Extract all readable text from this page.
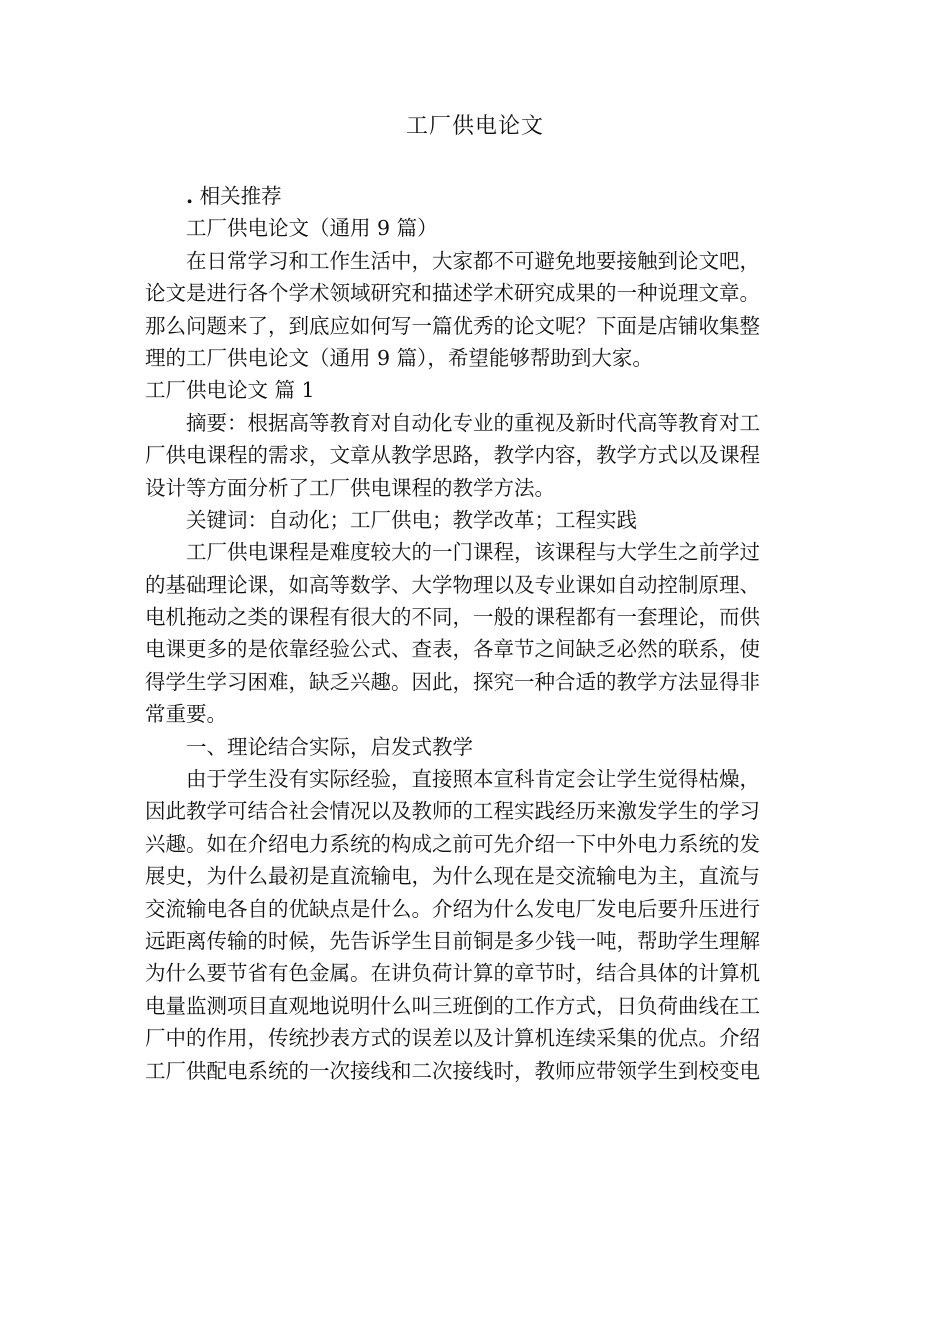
工厂供电论文
. 相关推荐
工厂供电论文（通用 9 篇）
在日常学习和工作生活中，大家都不可避免地要接触到论文吧，
论文是进行各个学术领域研究和描述学术研究成果的一种说理文章。
那么问题来了，到底应如何写一篇优秀的论文呢？下面是店铺收集整
理的工厂供电论文（通用 9 篇），希望能够帮助到大家。
工厂供电论文 篇 1
摘要：根据高等教育对自动化专业的重视及新时代高等教育对工
厂供电课程的需求，文章从教学思路，教学内容，教学方式以及课程
设计等方面分析了工厂供电课程的教学方法。
关键词：自动化；工厂供电；教学改革；工程实践
工厂供电课程是难度较大的一门课程，该课程与大学生之前学过
的基础理论课，如高等数学、大学物理以及专业课如自动控制原理、
电机拖动之类的课程有很大的不同，一般的课程都有一套理论，而供
电课更多的是依靠经验公式、查表，各章节之间缺乏必然的联系，使
得学生学习困难，缺乏兴趣。因此，探究一种合适的教学方法显得非
常重要。
一、理论结合实际，启发式教学
由于学生没有实际经验，直接照本宣科肯定会让学生觉得枯燥，
因此教学可结合社会情况以及教师的工程实践经历来激发学生的学习
兴趣。如在介绍电力系统的构成之前可先介绍一下中外电力系统的发
展史，为什么最初是直流输电，为什么现在是交流输电为主，直流与
交流输电各自的优缺点是什么。介绍为什么发电厂发电后要升压进行
远距离传输的时候，先告诉学生目前铜是多少钱一吨，帮助学生理解
为什么要节省有色金属。在讲负荷计算的章节时，结合具体的计算机
电量监测项目直观地说明什么叫三班倒的工作方式，日负荷曲线在工
厂中的作用，传统抄表方式的误差以及计算机连续采集的优点。介绍
工厂供配电系统的一次接线和二次接线时，教师应带领学生到校变电
